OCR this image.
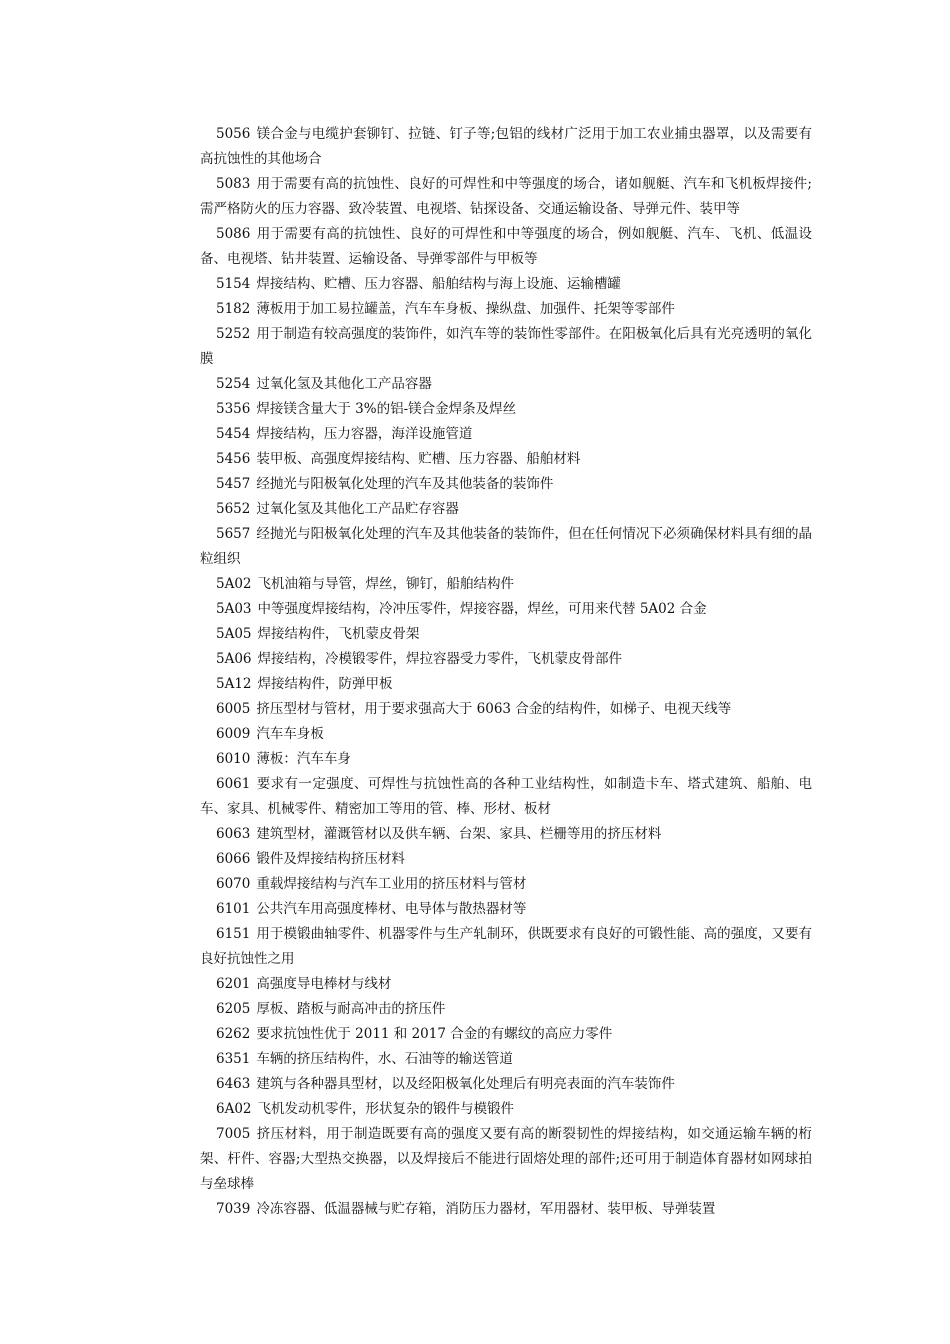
5056 镁合金与电缆护套铆钉、拉链、钉子等;包铝的线材广泛用于加工农业捕虫器罩，以及需要有高抗蚀性的其他场合

5083 用于需要有高的抗蚀性、良好的可焊性和中等强度的场合，诸如舰艇、汽车和飞机板焊接件;需严格防火的压力容器、致冷装置、电视塔、钻探设备、交通运输设备、导弹元件、装甲等

5086 用于需要有高的抗蚀性、良好的可焊性和中等强度的场合，例如舰艇、汽车、飞机、低温设备、电视塔、钻井装置、运输设备、导弹零部件与甲板等

5154 焊接结构、贮槽、压力容器、船舶结构与海上设施、运输槽罐

5182 薄板用于加工易拉罐盖，汽车车身板、操纵盘、加强件、托架等零部件

5252 用于制造有较高强度的装饰件，如汽车等的装饰性零部件。在阳极氧化后具有光亮透明的氧化膜

5254 过氧化氢及其他化工产品容器

5356 焊接镁含量大于 3%的铝-镁合金焊条及焊丝

5454 焊接结构，压力容器，海洋设施管道

5456 装甲板、高强度焊接结构、贮槽、压力容器、船舶材料

5457 经抛光与阳极氧化处理的汽车及其他装备的装饰件

5652 过氧化氢及其他化工产品贮存容器

5657 经抛光与阳极氧化处理的汽车及其他装备的装饰件，但在任何情况下必须确保材料具有细的晶粒组织

5A02 飞机油箱与导管，焊丝，铆钉，船舶结构件

5A03 中等强度焊接结构，冷冲压零件，焊接容器，焊丝，可用来代替 5A02 合金

5A05 焊接结构件，飞机蒙皮骨架

5A06 焊接结构，冷模锻零件，焊拉容器受力零件，飞机蒙皮骨部件

5A12 焊接结构件，防弹甲板

6005 挤压型材与管材，用于要求强高大于 6063 合金的结构件，如梯子、电视天线等

6009 汽车车身板

6010 薄板：汽车车身

6061 要求有一定强度、可焊性与抗蚀性高的各种工业结构性，如制造卡车、塔式建筑、船舶、电车、家具、机械零件、精密加工等用的管、棒、形材、板材

6063 建筑型材，灌溉管材以及供车辆、台架、家具、栏栅等用的挤压材料

6066 锻件及焊接结构挤压材料

6070 重载焊接结构与汽车工业用的挤压材料与管材

6101 公共汽车用高强度棒材、电导体与散热器材等

6151 用于模锻曲轴零件、机器零件与生产轧制环，供既要求有良好的可锻性能、高的强度，又要有良好抗蚀性之用

6201 高强度导电棒材与线材

6205 厚板、踏板与耐高冲击的挤压件

6262 要求抗蚀性优于 2011 和 2017 合金的有螺纹的高应力零件

6351 车辆的挤压结构件，水、石油等的输送管道

6463 建筑与各种器具型材，以及经阳极氧化处理后有明亮表面的汽车装饰件

6A02 飞机发动机零件，形状复杂的锻件与模锻件

7005 挤压材料，用于制造既要有高的强度又要有高的断裂韧性的焊接结构，如交通运输车辆的桁架、杆件、容器;大型热交换器，以及焊接后不能进行固熔处理的部件;还可用于制造体育器材如网球拍与垒球棒

7039 冷冻容器、低温器械与贮存箱，消防压力器材，军用器材、装甲板、导弹装置
